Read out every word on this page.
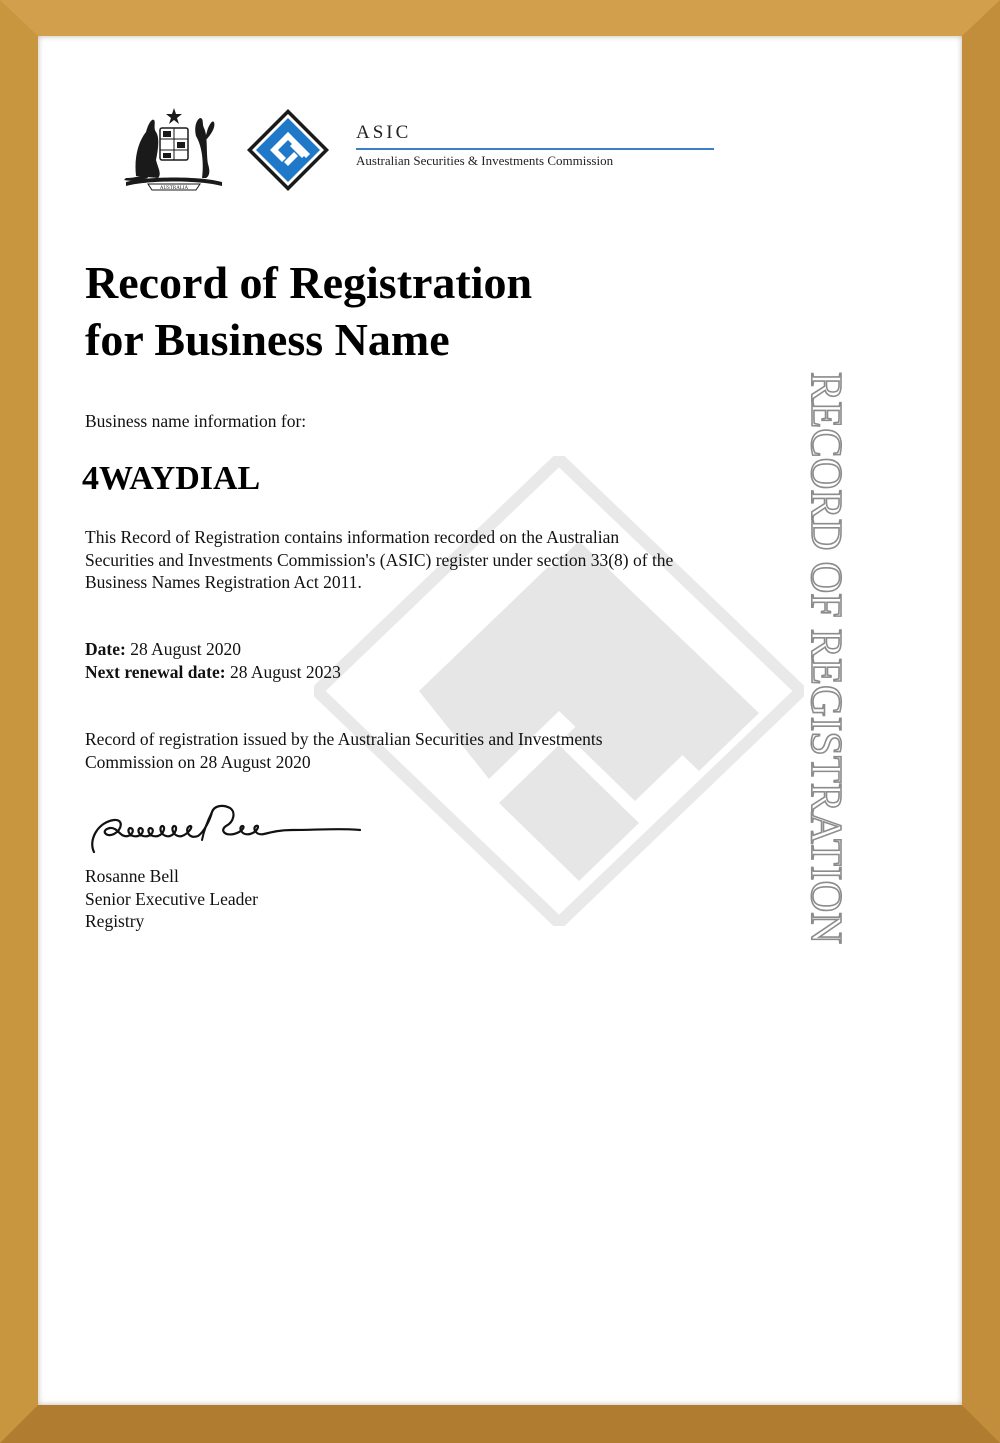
RECORD OF REGISTRATION
AUSTRALIA
ASIC
Australian Securities & Investments Commission
Record of Registration
for Business Name
Business name information for:
4WAYDIAL
This Record of Registration contains information recorded on the Australian
Securities and Investments Commission's (ASIC) register under section 33(8) of the
Business Names Registration Act 2011.
Date: 28 August 2020
Next renewal date: 28 August 2023
Record of registration issued by the Australian Securities and Investments
Commission on 28 August 2020
Rosanne Bell
Senior Executive Leader
Registry
